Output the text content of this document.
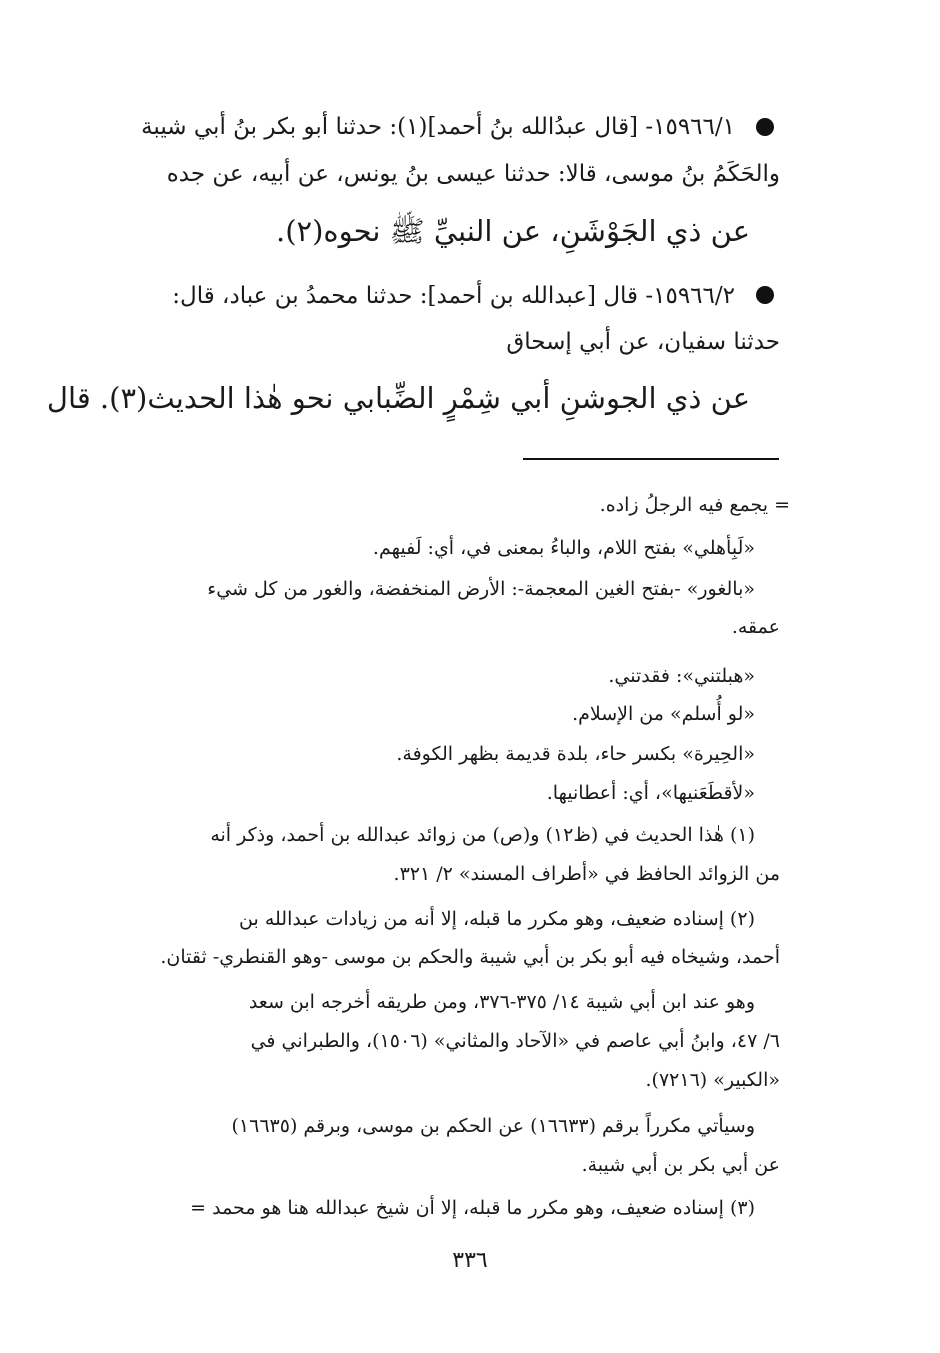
١٥٩٦٦/١- [قال عبدُالله بنُ أحمد](١): حدثنا أبو بكر بنُ أبي شيبة
والحَكَمُ بنُ موسى، قالا: حدثنا عيسى بنُ يونس، عن أبيه، عن جده
عن ذي الجَوْشَنِ، عن النبيِّ ﷺ نحوه(٢).
١٥٩٦٦/٢- قال [عبدالله بن أحمد]: حدثنا محمدُ بن عباد، قال:
حدثنا سفيان، عن أبي إسحاق
عن ذي الجوشنِ أبي شِمْرٍ الضِّبابي نحو هٰذا الحديث(٣). قال
= يجمع فيه الرجلُ زاده.
«لَبِأهلي» بفتح اللام، والباءُ بمعنى في، أي: لَفيهم.
«بالغور» -بفتح الغين المعجمة-: الأرض المنخفضة، والغور من كل شيء
عمقه.
«هبلتني»: فقدتني.
«لو أُسلم» من الإسلام.
«الحِيرة» بكسر حاء، بلدة قديمة بظهر الكوفة.
«لأقطَعَنيها»، أي: أعطانيها.
(١) هٰذا الحديث في (ظ١٢) و(ص) من زوائد عبدالله بن أحمد، وذكر أنه
من الزوائد الحافظ في «أطراف المسند» ٢/ ٣٢١.
(٢) إسناده ضعيف، وهو مكرر ما قبله، إلا أنه من زيادات عبدالله بن
أحمد، وشيخاه فيه أبو بكر بن أبي شيبة والحكم بن موسى -وهو القنطري- ثقتان.
وهو عند ابن أبي شيبة ١٤/ ٣٧٥-٣٧٦، ومن طريقه أخرجه ابن سعد
٦/ ٤٧، وابنُ أبي عاصم في «الآحاد والمثاني» (١٥٠٦)، والطبراني في
«الكبير» (٧٢١٦).
وسيأتي مكرراً برقم (١٦٦٣٣) عن الحكم بن موسى، وبرقم (١٦٦٣٥)
عن أبي بكر بن أبي شيبة.
(٣) إسناده ضعيف، وهو مكرر ما قبله، إلا أن شيخ عبدالله هنا هو محمد =
٣٣٦
